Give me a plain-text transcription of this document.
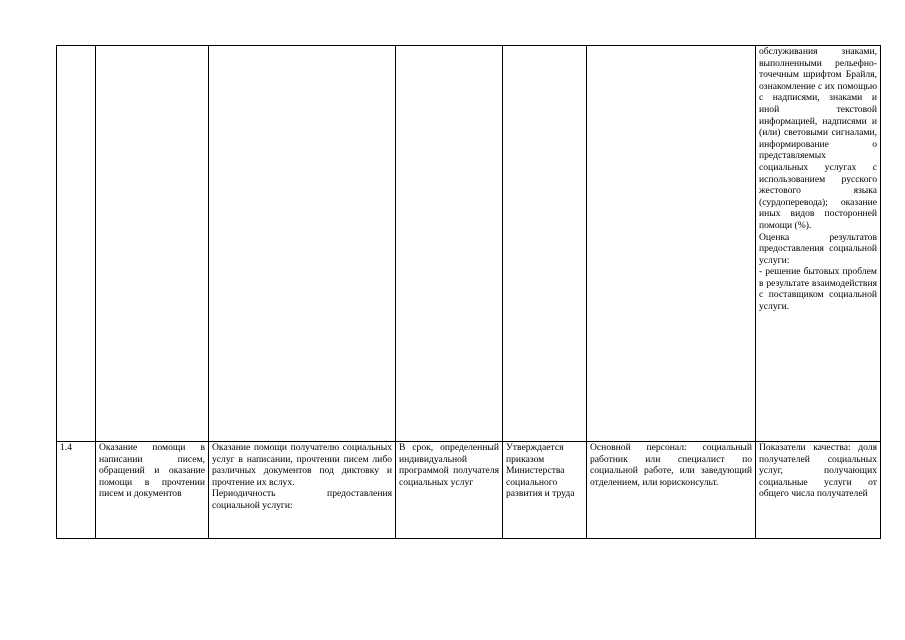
						обслуживания знаками, выполненными рельефно-точечным шрифтом Брайля, ознакомление с их помощью с надписями, знаками и иной текстовой информацией, надписями и (или) световыми сигналами, информирование о представляемых социальных услугах с использованием русского жестового языка (сурдоперевода); оказание иных видов посторонней помощи (%).
Оценка результатов предоставления социальной услуги:
- решение бытовых проблем в результате взаимодействия с поставщиком социальной услуги.

1.4	Оказание помощи в написании писем, обращений и оказание помощи в прочтении писем и документов	Оказание помощи получателю социальных услуг в написании, прочтении писем либо различных документов под диктовку и прочтение их вслух.
Периодичность предоставления социальной услуги:	В срок, определенный индивидуальной программой получателя социальных услуг	Утверждается приказом Министерства социального развития и труда	Основной персонал: социальный работник или специалист по социальной работе, или заведующий отделением, или юрисконсульт.	Показатели качества: доля получателей социальных услуг, получающих социальные услуги от общего числа получателей
